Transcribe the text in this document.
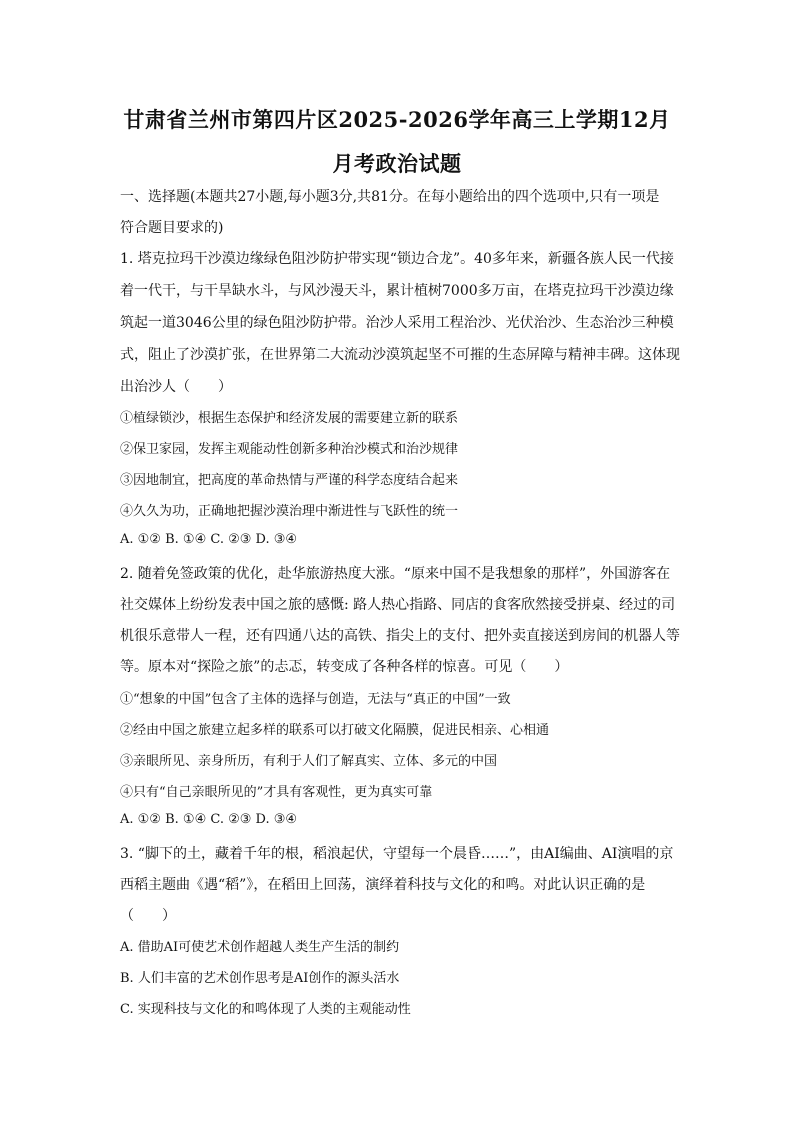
甘肃省兰州市第四片区2025-2026学年高三上学期12月
月考政治试题
一、选择题(本题共27小题,每小题3分,共81分。在每小题给出的四个选项中,只有一项是
符合题目要求的)
1. 塔克拉玛干沙漠边缘绿色阻沙防护带实现“锁边合龙”。40多年来，新疆各族人民一代接
着一代干，与干旱缺水斗，与风沙漫天斗，累计植树7000多万亩，在塔克拉玛干沙漠边缘
筑起一道3046公里的绿色阻沙防护带。治沙人采用工程治沙、光伏治沙、生态治沙三种模
式，阻止了沙漠扩张，在世界第二大流动沙漠筑起坚不可摧的生态屏障与精神丰碑。这体现
出治沙人（　　）
①植绿锁沙，根据生态保护和经济发展的需要建立新的联系
②保卫家园，发挥主观能动性创新多种治沙模式和治沙规律
③因地制宜，把高度的革命热情与严谨的科学态度结合起来
④久久为功，正确地把握沙漠治理中渐进性与飞跃性的统一
A. ①② B. ①④ C. ②③ D. ③④
2. 随着免签政策的优化，赴华旅游热度大涨。“原来中国不是我想象的那样”，外国游客在
社交媒体上纷纷发表中国之旅的感慨: 路人热心指路、同店的食客欣然接受拼桌、经过的司
机很乐意带人一程，还有四通八达的高铁、指尖上的支付、把外卖直接送到房间的机器人等
等。原本对“探险之旅”的忐忑，转变成了各种各样的惊喜。可见（　　）
①“想象的中国”包含了主体的选择与创造，无法与“真正的中国”一致
②经由中国之旅建立起多样的联系可以打破文化隔膜，促进民相亲、心相通
③亲眼所见、亲身所历，有利于人们了解真实、立体、多元的中国
④只有“自己亲眼所见的”才具有客观性，更为真实可靠
A. ①② B. ①④ C. ②③ D. ③④
3. “脚下的土，藏着千年的根，稻浪起伏，守望每一个晨昏……”，由AI编曲、AI演唱的京
西稻主题曲《遇“稻”》，在稻田上回荡，演绎着科技与文化的和鸣。对此认识正确的是
（　　）
A. 借助AI可使艺术创作超越人类生产生活的制约
B. 人们丰富的艺术创作思考是AI创作的源头活水
C. 实现科技与文化的和鸣体现了人类的主观能动性
